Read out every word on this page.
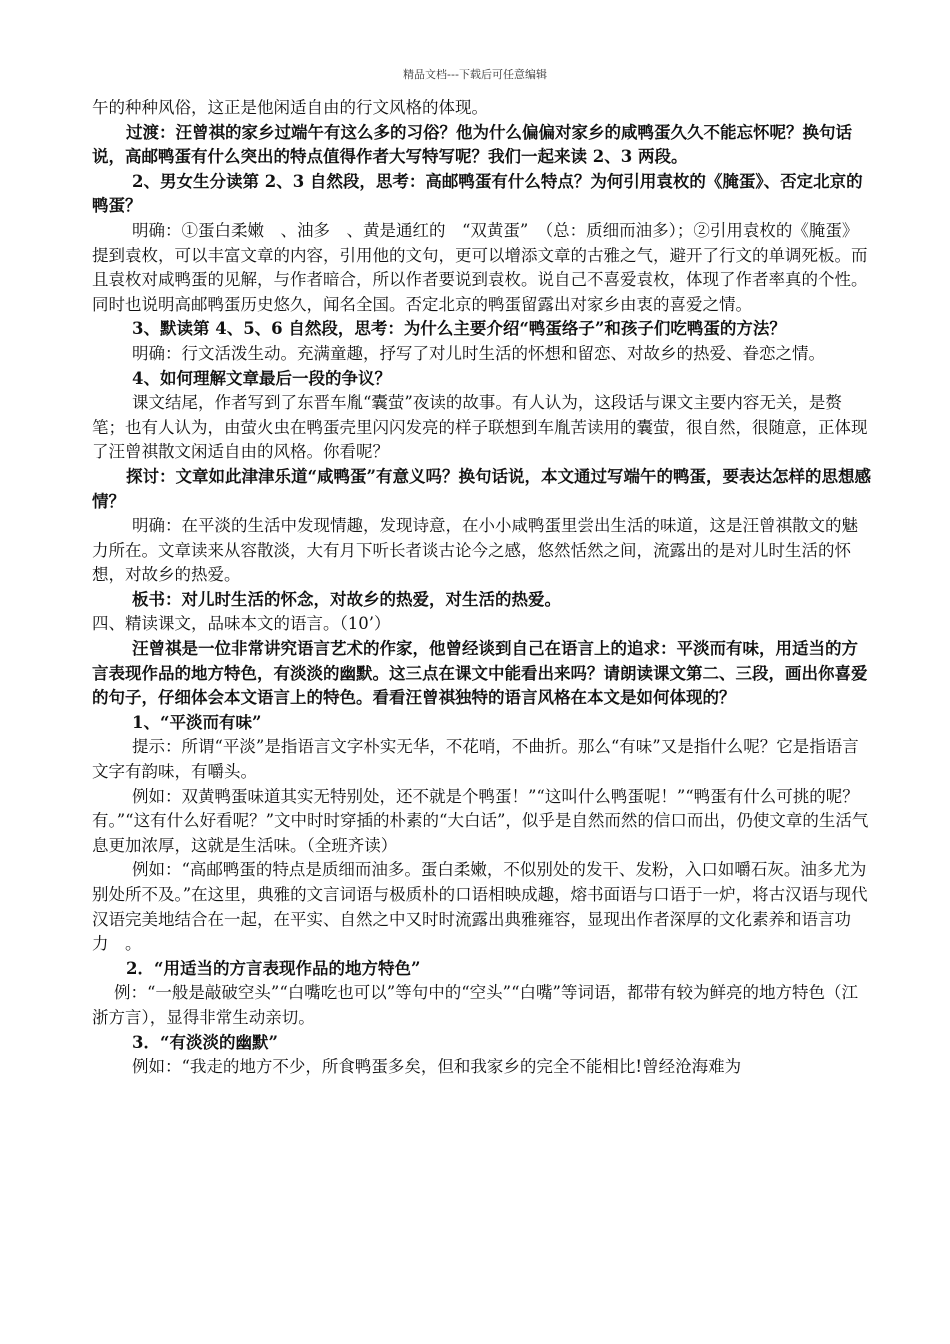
精品文档---下载后可任意编辑

午的种种风俗，这正是他闲适自由的行文风格的体现。

过渡：汪曾祺的家乡过端午有这么多的习俗？他为什么偏偏对家乡的咸鸭蛋久久不能忘怀呢？换句话说，高邮鸭蛋有什么突出的特点值得作者大写特写呢？我们一起来读 2、3 两段。

2、男女生分读第 2、3 自然段，思考：高邮鸭蛋有什么特点？为何引用袁枚的《腌蛋》、否定北京的鸭蛋？

明确：①蛋白柔嫩　、油多　、黄是通红的　“双黄蛋”　（总：质细而油多）；②引用袁枚的《腌蛋》提到袁枚，可以丰富文章的内容，引用他的文句，更可以增添文章的古雅之气，避开了行文的单调死板。而且袁枚对咸鸭蛋的见解，与作者暗合，所以作者要说到袁枚。说自己不喜爱袁枚，体现了作者率真的个性。同时也说明高邮鸭蛋历史悠久，闻名全国。否定北京的鸭蛋留露出对家乡由衷的喜爱之情。

3、默读第 4、5、6 自然段，思考：为什么主要介绍“鸭蛋络子”和孩子们吃鸭蛋的方法？

明确：行文活泼生动。充满童趣，抒写了对儿时生活的怀想和留恋、对故乡的热爱、眷恋之情。

4、如何理解文章最后一段的争议？

课文结尾，作者写到了东晋车胤“囊萤”夜读的故事。有人认为，这段话与课文主要内容无关，是赘笔；也有人认为，由萤火虫在鸭蛋壳里闪闪发亮的样子联想到车胤苦读用的囊萤，很自然，很随意，正体现了汪曾祺散文闲适自由的风格。你看呢？

探讨：文章如此津津乐道“咸鸭蛋”有意义吗？换句话说，本文通过写端午的鸭蛋，要表达怎样的思想感情？

明确：在平淡的生活中发现情趣，发现诗意，在小小咸鸭蛋里尝出生活的味道，这是汪曾祺散文的魅力所在。文章读来从容散淡，大有月下听长者谈古论今之感，悠然恬然之间，流露出的是对儿时生活的怀想，对故乡的热爱。

板书：对儿时生活的怀念，对故乡的热爱，对生活的热爱。

四、精读课文，品味本文的语言。（10’）

汪曾祺是一位非常讲究语言艺术的作家，他曾经谈到自己在语言上的追求：平淡而有味，用适当的方言表现作品的地方特色，有淡淡的幽默。这三点在课文中能看出来吗？请朗读课文第二、三段，画出你喜爱的句子，仔细体会本文语言上的特色。看看汪曾祺独特的语言风格在本文是如何体现的？

1、“平淡而有味”

提示：所谓“平淡”是指语言文字朴实无华，不花哨，不曲折。那么“有味”又是指什么呢？它是指语言文字有韵味，有嚼头。

例如：双黄鸭蛋味道其实无特别处，还不就是个鸭蛋！”“这叫什么鸭蛋呢！”“鸭蛋有什么可挑的呢？有。”“这有什么好看呢？”文中时时穿插的朴素的“大白话”，似乎是自然而然的信口而出，仍使文章的生活气息更加浓厚，这就是生活味。（全班齐读）

例如：“高邮鸭蛋的特点是质细而油多。蛋白柔嫩，不似别处的发干、发粉，入口如嚼石灰。油多尤为别处所不及。”在这里，典雅的文言词语与极质朴的口语相映成趣，熔书面语与口语于一炉，将古汉语与现代汉语完美地结合在一起，在平实、自然之中又时时流露出典雅雍容，显现出作者深厚的文化素养和语言功力　。

2．“用适当的方言表现作品的地方特色”

例：“一般是敲破空头”“白嘴吃也可以”等句中的“空头”“白嘴”等词语，都带有较为鲜亮的地方特色（江浙方言），显得非常生动亲切。

3．“有淡淡的幽默”

例如：“我走的地方不少，所食鸭蛋多矣，但和我家乡的完全不能相比!曾经沧海难为
